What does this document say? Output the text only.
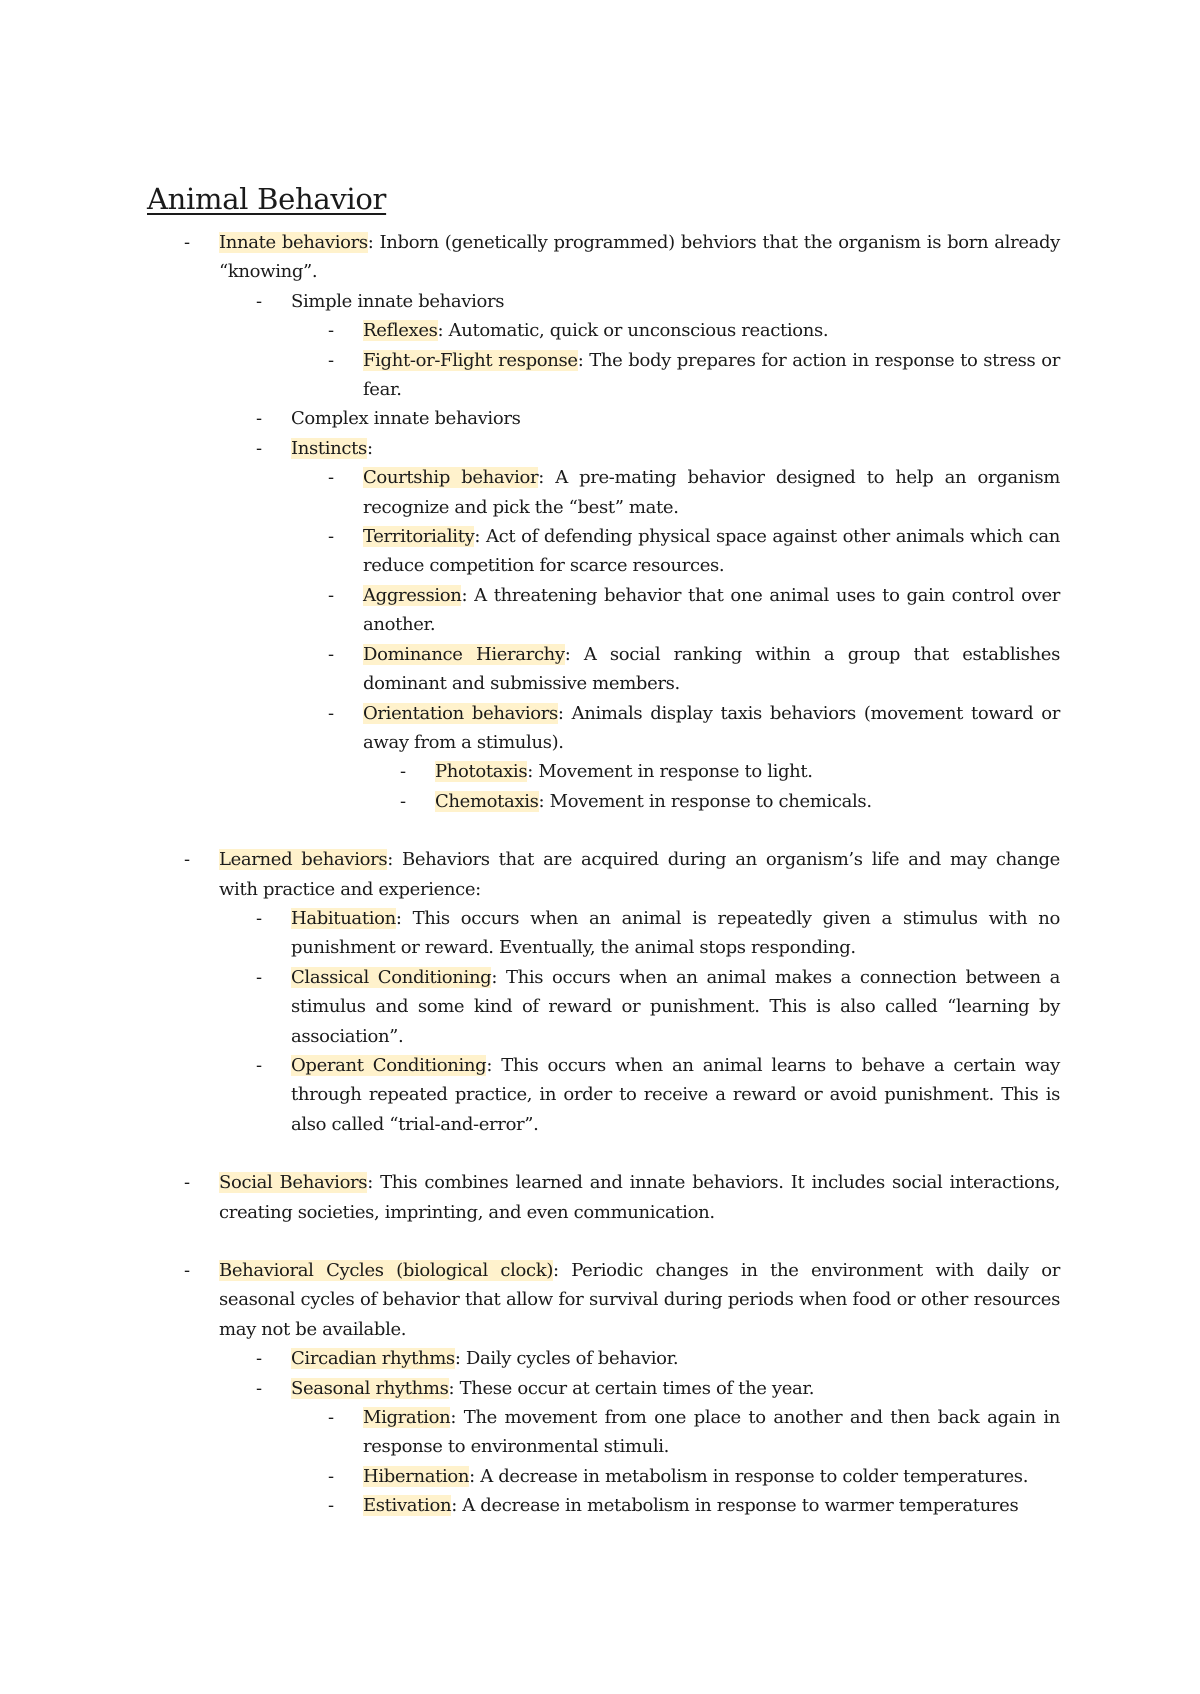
Animal Behavior
-	Innate behaviors: Inborn (genetically programmed) behviors that the organism is born already “knowing”.
-	Simple innate behaviors
-	Reflexes: Automatic, quick or unconscious reactions.
-	Fight-or-Flight response: The body prepares for action in response to stress or fear.
-	Complex innate behaviors
-	Instincts:
-	Courtship behavior: A pre-mating behavior designed to help an organism recognize and pick the “best” mate.
-	Territoriality: Act of defending physical space against other animals which can reduce competition for scarce resources.
-	Aggression: A threatening behavior that one animal uses to gain control over another.
-	Dominance Hierarchy: A social ranking within a group that establishes dominant and submissive members.
-	Orientation behaviors: Animals display taxis behaviors (movement toward or away from a stimulus).
-	Phototaxis: Movement in response to light.
-	Chemotaxis: Movement in response to chemicals.
-	Learned behaviors: Behaviors that are acquired during an organism’s life and may change with practice and experience:
-	Habituation: This occurs when an animal is repeatedly given a stimulus with no punishment or reward. Eventually, the animal stops responding.
-	Classical Conditioning: This occurs when an animal makes a connection between a stimulus and some kind of reward or punishment. This is also called “learning by association”.
-	Operant Conditioning: This occurs when an animal learns to behave a certain way through repeated practice, in order to receive a reward or avoid punishment. This is also called “trial-and-error”.
-	Social Behaviors: This combines learned and innate behaviors. It includes social interactions, creating societies, imprinting, and even communication.
-	Behavioral Cycles (biological clock): Periodic changes in the environment with daily or seasonal cycles of behavior that allow for survival during periods when food or other resources may not be available.
-	Circadian rhythms: Daily cycles of behavior.
-	Seasonal rhythms: These occur at certain times of the year.
-	Migration: The movement from one place to another and then back again in response to environmental stimuli.
-	Hibernation: A decrease in metabolism in response to colder temperatures.
-	Estivation: A decrease in metabolism in response to warmer temperatures
